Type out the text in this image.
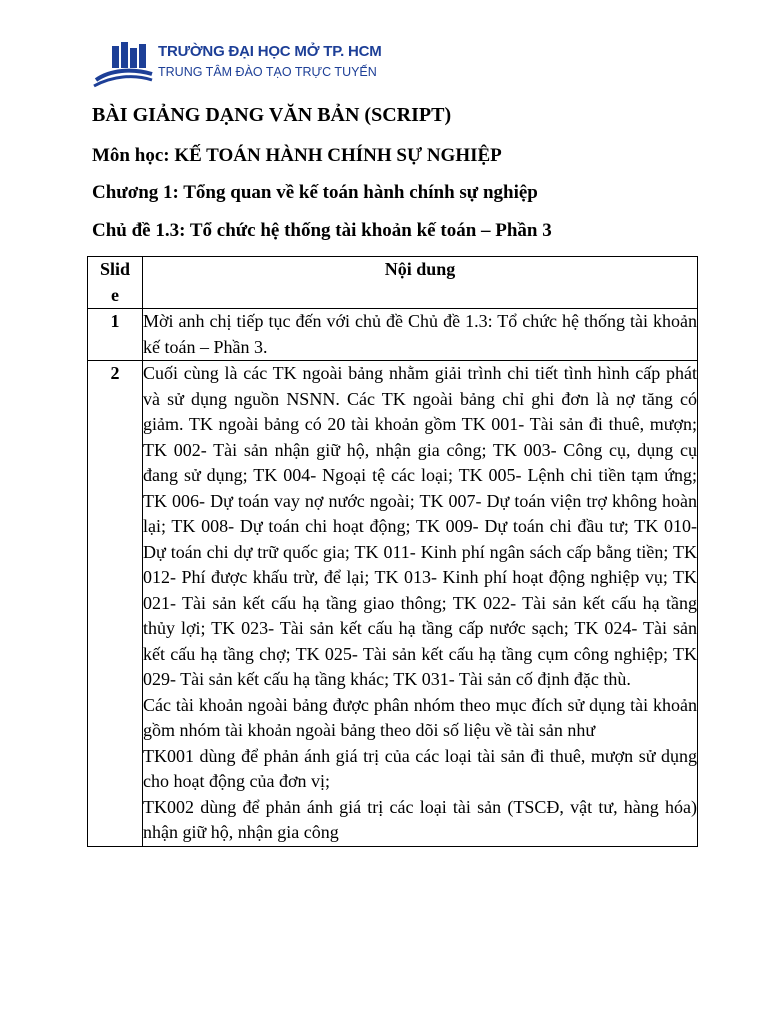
TRƯỜNG ĐẠI HỌC MỞ TP. HCM
TRUNG TÂM ĐÀO TẠO TRỰC TUYẾN
BÀI GIẢNG DẠNG VĂN BẢN (SCRIPT)
Môn học: KẾ TOÁN HÀNH CHÍNH SỰ NGHIỆP
Chương 1: Tổng quan về kế toán hành chính sự nghiệp
Chủ đề 1.3: Tổ chức hệ thống tài khoản kế toán – Phần 3
Slid
e	Nội dung
1	Mời anh chị tiếp tục đến với chủ đề Chủ đề 1.3: Tổ chức hệ thống tài khoản kế toán – Phần 3.

2	Cuối cùng là các TK ngoài bảng nhằm giải trình chi tiết tình hình cấp phát và sử dụng nguồn NSNN. Các TK ngoài bảng chỉ ghi đơn là nợ tăng có giảm. TK ngoài bảng có 20 tài khoản gồm TK 001- Tài sản đi thuê, mượn; TK 002- Tài sản nhận giữ hộ, nhận gia công; TK 003- Công cụ, dụng cụ đang sử dụng; TK 004- Ngoại tệ các loại; TK 005- Lệnh chi tiền tạm ứng; TK 006- Dự toán vay nợ nước ngoài; TK 007- Dự toán viện trợ không hoàn lại; TK 008- Dự toán chi hoạt động; TK 009- Dự toán chi đầu tư; TK 010- Dự toán chi dự trữ quốc gia; TK 011- Kinh phí ngân sách cấp bằng tiền; TK 012- Phí được khấu trừ, để lại; TK 013- Kinh phí hoạt động nghiệp vụ; TK 021- Tài sản kết cấu hạ tầng giao thông; TK 022- Tài sản kết cấu hạ tầng thủy lợi; TK 023- Tài sản kết cấu hạ tầng cấp nước sạch; TK 024- Tài sản kết cấu hạ tầng chợ; TK 025- Tài sản kết cấu hạ tầng cụm công nghiệp; TK 029- Tài sản kết cấu hạ tầng khác; TK 031- Tài sản cố định đặc thù.

Các tài khoản ngoài bảng được phân nhóm theo mục đích sử dụng tài khoản gồm nhóm tài khoản ngoài bảng theo dõi số liệu về tài sản như

TK001 dùng để phản ánh giá trị của các loại tài sản đi thuê, mượn sử dụng cho hoạt động của đơn vị;

TK002 dùng để phản ánh giá trị các loại tài sản (TSCĐ, vật tư, hàng hóa) nhận giữ hộ, nhận gia công
